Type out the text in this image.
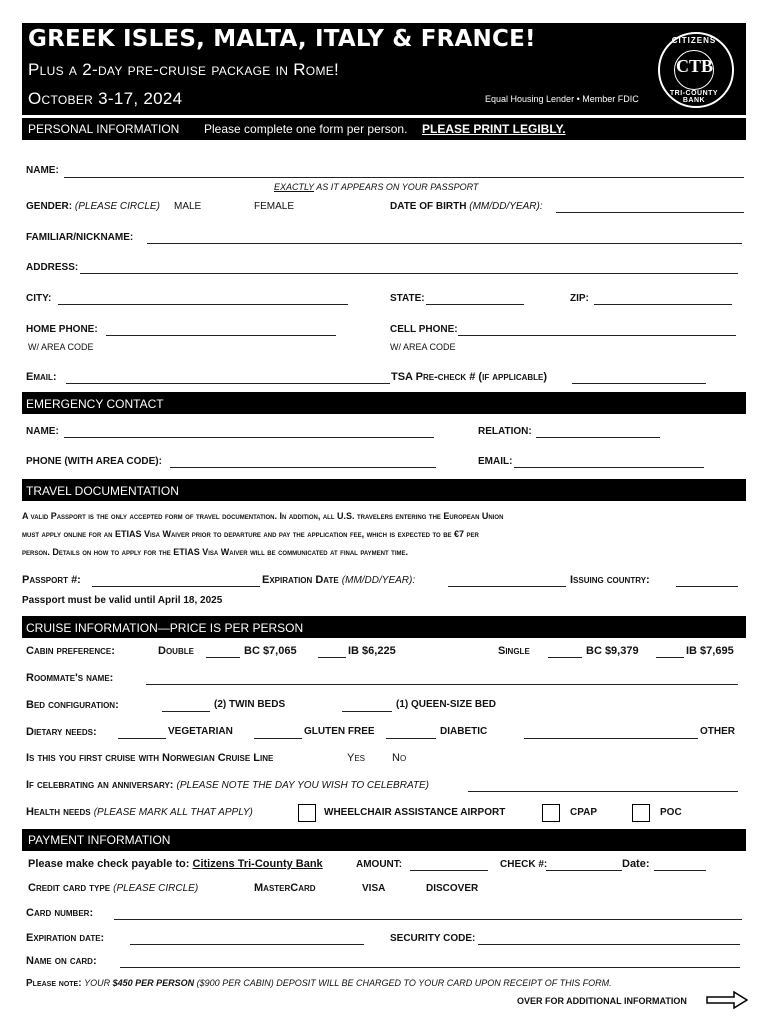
GREEK ISLES, MALTA, ITALY & FRANCE!
Plus a 2-day pre-cruise package in Rome!
October 3-17, 2024	Equal Housing Lender • Member FDIC
CITIZENS
CTB
TRI-COUNTY BANK
PERSONAL INFORMATION Please complete one form per person. PLEASE PRINT LEGIBLY.
NAME:
EXACTLY AS IT APPEARS ON YOUR PASSPORT
GENDER: (PLEASE CIRCLE) MALE	FEMALE	DATE OF BIRTH (MM/DD/YEAR):
FAMILIAR/NICKNAME:
ADDRESS:
CITY:	STATE:	ZIP:
HOME PHONE:
W/ AREA CODE
CELL PHONE:
W/ AREA CODE
Email:	TSA Pre-check # (if applicable)
EMERGENCY CONTACT
NAME:	RELATION:
PHONE (WITH AREA CODE):	EMAIL:
TRAVEL DOCUMENTATION
A valid Passport is the only accepted form of travel documentation. In addition, all U.S. travelers entering the European Union
must apply online for an ETIAS Visa Waiver prior to departure and pay the application fee, which is expected to be €7 per
person. Details on how to apply for the ETIAS Visa Waiver will be communicated at final payment time.
Passport #:	Expiration Date (MM/DD/YEAR):	Issuing country:
Passport must be valid until April 18, 2025
CRUISE INFORMATION—PRICE IS PER PERSON
Cabin preference:	Double	BC $7,065	IB $6,225	Single	BC $9,379	IB $7,695
Roommate's name:
Bed configuration:	(2) TWIN BEDS	(1) QUEEN-SIZE BED
Dietary needs:	VEGETARIAN	GLUTEN FREE	DIABETIC	OTHER
Is this you first cruise with Norwegian Cruise Line	Yes No
If celebrating an anniversary: (PLEASE NOTE THE DAY YOU WISH TO CELEBRATE)
Health needs (PLEASE MARK ALL THAT APPLY)	WHEELCHAIR ASSISTANCE AIRPORT	CPAP	POC
PAYMENT INFORMATION
Please make check payable to: Citizens Tri-County Bank	AMOUNT:	CHECK #:	Date:
Credit card type (PLEASE CIRCLE)	MasterCard	VISA	DISCOVER
Card number:
Expiration date:	SECURITY CODE:
Name on card:
Please note: YOUR $450 PER PERSON ($900 PER CABIN) DEPOSIT WILL BE CHARGED TO YOUR CARD UPON RECEIPT OF THIS FORM.
OVER FOR ADDITIONAL INFORMATION
